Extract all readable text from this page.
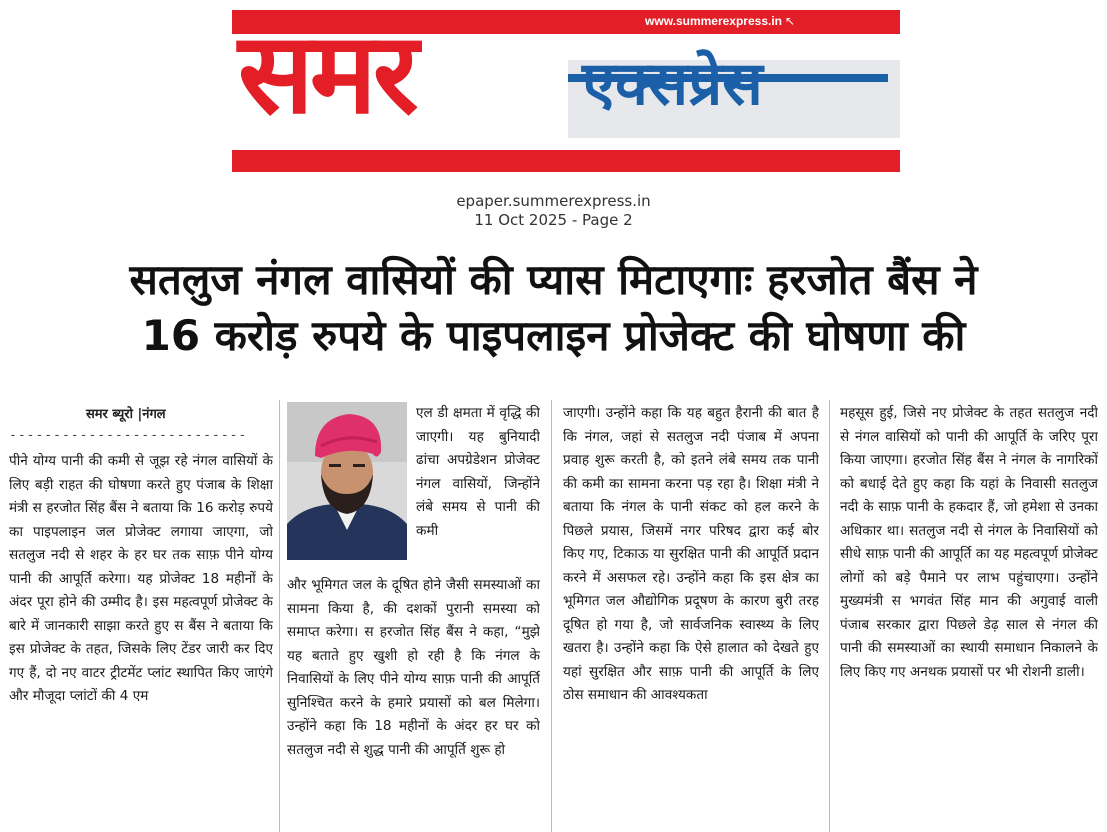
www.summerexpress.in ↖
समर	एक्सप्रेस
epaper.summerexpress.in
11 Oct 2025 - Page 2
सतलुज नंगल वासियों की प्यास मिटाएगाः हरजोत बैंस ने
16 करोड़ रुपये के पाइपलाइन प्रोजेक्ट की घोषणा की
समर ब्यूरो |नंगल
---------------------------
पीने योग्य पानी की कमी से जूझ रहे नंगल वासियों के लिए बड़ी राहत की घोषणा करते हुए पंजाब के शिक्षा मंत्री स हरजोत सिंह बैंस ने बताया कि 16 करोड़ रुपये का पाइपलाइन जल प्रोजेक्ट लगाया जाएगा, जो सतलुज नदी से शहर के हर घर तक साफ़ पीने योग्य पानी की आपूर्ति करेगा। यह प्रोजेक्ट 18 महीनों के अंदर पूरा होने की उम्मीद है। इस महत्वपूर्ण प्रोजेक्ट के बारे में जानकारी साझा करते हुए स बैंस ने बताया कि इस प्रोजेक्ट के तहत, जिसके लिए टेंडर जारी कर दिए गए हैं, दो नए वाटर ट्रीटमेंट प्लांट स्थापित किए जाएंगे और मौजूदा प्लांटों की 4 एम
एल डी क्षमता में वृद्धि की जाएगी। यह बुनियादी ढांचा अपग्रेडेशन प्रोजेक्ट नंगल वासियों, जिन्होंने लंबे समय से पानी की कमी
और भूमिगत जल के दूषित होने जैसी समस्याओं का सामना किया है, की दशकों पुरानी समस्या को समाप्त करेगा। स हरजोत सिंह बैंस ने कहा, “मुझे यह बताते हुए खुशी हो रही है कि नंगल के निवासियों के लिए पीने योग्य साफ़ पानी की आपूर्ति सुनिश्चित करने के हमारे प्रयासों को बल मिलेगा। उन्होंने कहा कि 18 महीनों के अंदर हर घर को सतलुज नदी से शुद्ध पानी की आपूर्ति शुरू हो
जाएगी। उन्होंने कहा कि यह बहुत हैरानी की बात है कि नंगल, जहां से सतलुज नदी पंजाब में अपना प्रवाह शुरू करती है, को इतने लंबे समय तक पानी की कमी का सामना करना पड़ रहा है। शिक्षा मंत्री ने बताया कि नंगल के पानी संकट को हल करने के पिछले प्रयास, जिसमें नगर परिषद द्वारा कई बोर किए गए, टिकाऊ या सुरक्षित पानी की आपूर्ति प्रदान करने में असफल रहे। उन्होंने कहा कि इस क्षेत्र का भूमिगत जल औद्योगिक प्रदूषण के कारण बुरी तरह दूषित हो गया है, जो सार्वजनिक स्वास्थ्य के लिए खतरा है। उन्होंने कहा कि ऐसे हालात को देखते हुए यहां सुरक्षित और साफ़ पानी की आपूर्ति के लिए ठोस समाधान की आवश्यकता
महसूस हुई, जिसे नए प्रोजेक्ट के तहत सतलुज नदी से नंगल वासियों को पानी की आपूर्ति के जरिए पूरा किया जाएगा। हरजोत सिंह बैंस ने नंगल के नागरिकों को बधाई देते हुए कहा कि यहां के निवासी सतलुज नदी के साफ़ पानी के हकदार हैं, जो हमेशा से उनका अधिकार था। सतलुज नदी से नंगल के निवासियों को सीधे साफ़ पानी की आपूर्ति का यह महत्वपूर्ण प्रोजेक्ट लोगों को बड़े पैमाने पर लाभ पहुंचाएगा। उन्होंने मुख्यमंत्री स भगवंत सिंह मान की अगुवाई वाली पंजाब सरकार द्वारा पिछले डेढ़ साल से नंगल की पानी की समस्याओं का स्थायी समाधान निकालने के लिए किए गए अनथक प्रयासों पर भी रोशनी डाली।
